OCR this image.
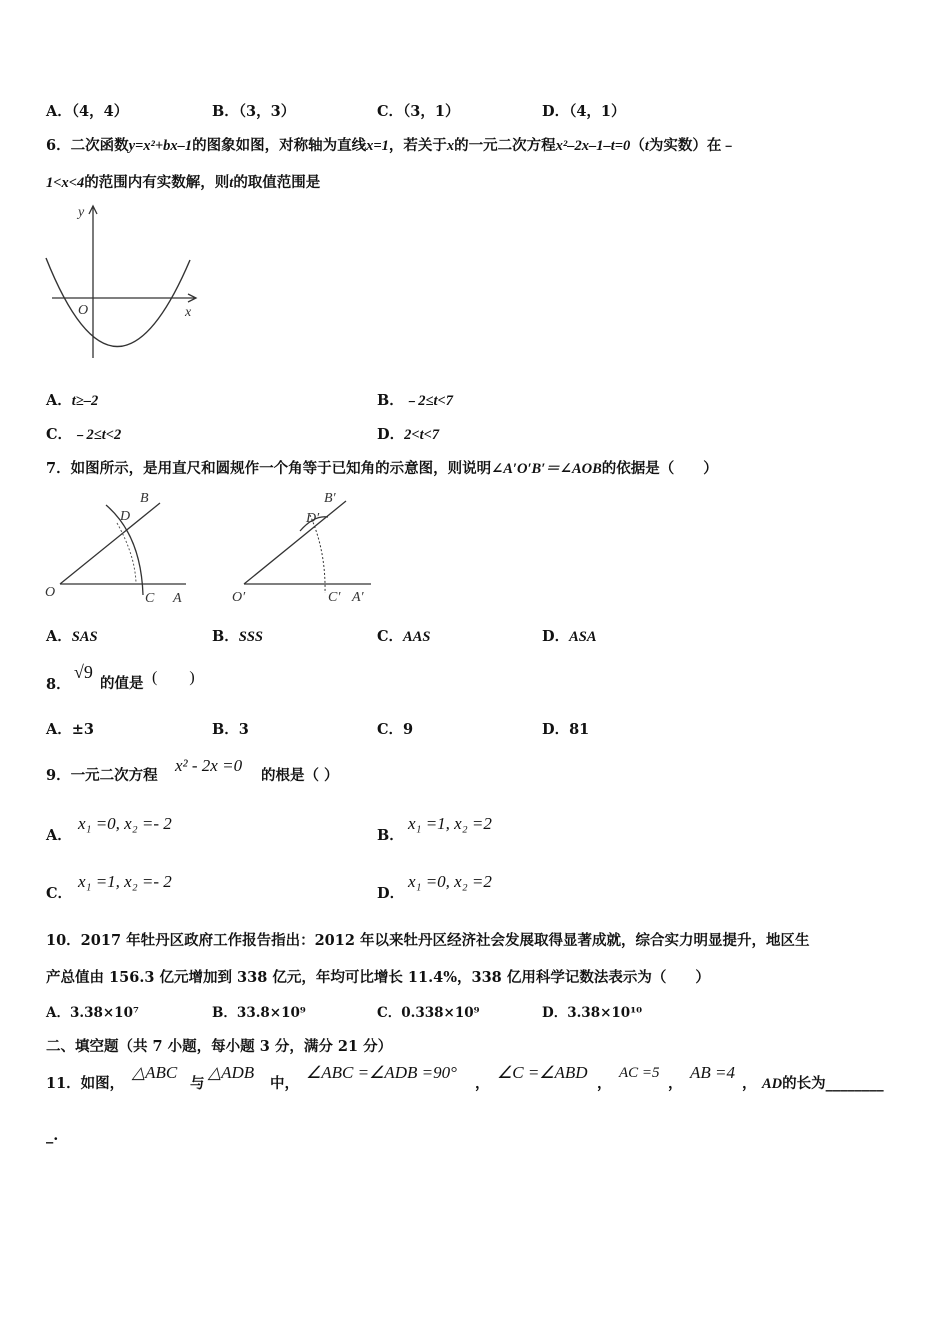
A．（4，4）	B．（3，3）	C．（3，1）	D．（4，1）
6．二次函数y=x²+bx–1的图象如图，对称轴为直线x=1，若关于x的一元二次方程x²–2x–1–t=0（t为实数）在﹣
1<x<4的范围内有实数解，则t的取值范围是
y
x
O
A．t≥–2	B．﹣2≤t<7
C．﹣2≤t<2	D．2<t<7
7．如图所示，是用直尺和圆规作一个角等于已知角的示意图，则说明∠A′O′B′＝∠AOB的依据是（　　）
O	A
B
C
D
O′	A′
B′
C′
D′
A．SAS	B．SSS	C．AAS	D．ASA
8．
√9
的值是 (　　)
A．±3	B．3	C．9	D．81
9．一元二次方程
x² - 2x =0
的根是（ ）
A．
x₁ =0, x₂ =- 2
B．
x₁ =1, x₂ =2
C．
x₁ =1, x₂ =- 2
D．
x₁ =0, x₂ =2
10．2017 年牡丹区政府工作报告指出：2012 年以来牡丹区经济社会发展取得显著成就，综合实力明显提升，地区生
产总值由 156.3 亿元增加到 338 亿元，年均可比增长 11.4%，338 亿用科学记数法表示为（　　）
A．3.38×10⁷	B．33.8×10⁹	C．0.338×10⁹	D．3.38×10¹⁰
二、填空题（共 7 小题，每小题 3 分，满分 21 分）
11．如图，
△ABC
与
△ADB
中，
∠ABC =∠ADB =90°
，
∠C =∠ABD
，
AC =5
，
AB =4
， AD的长为________
_.
